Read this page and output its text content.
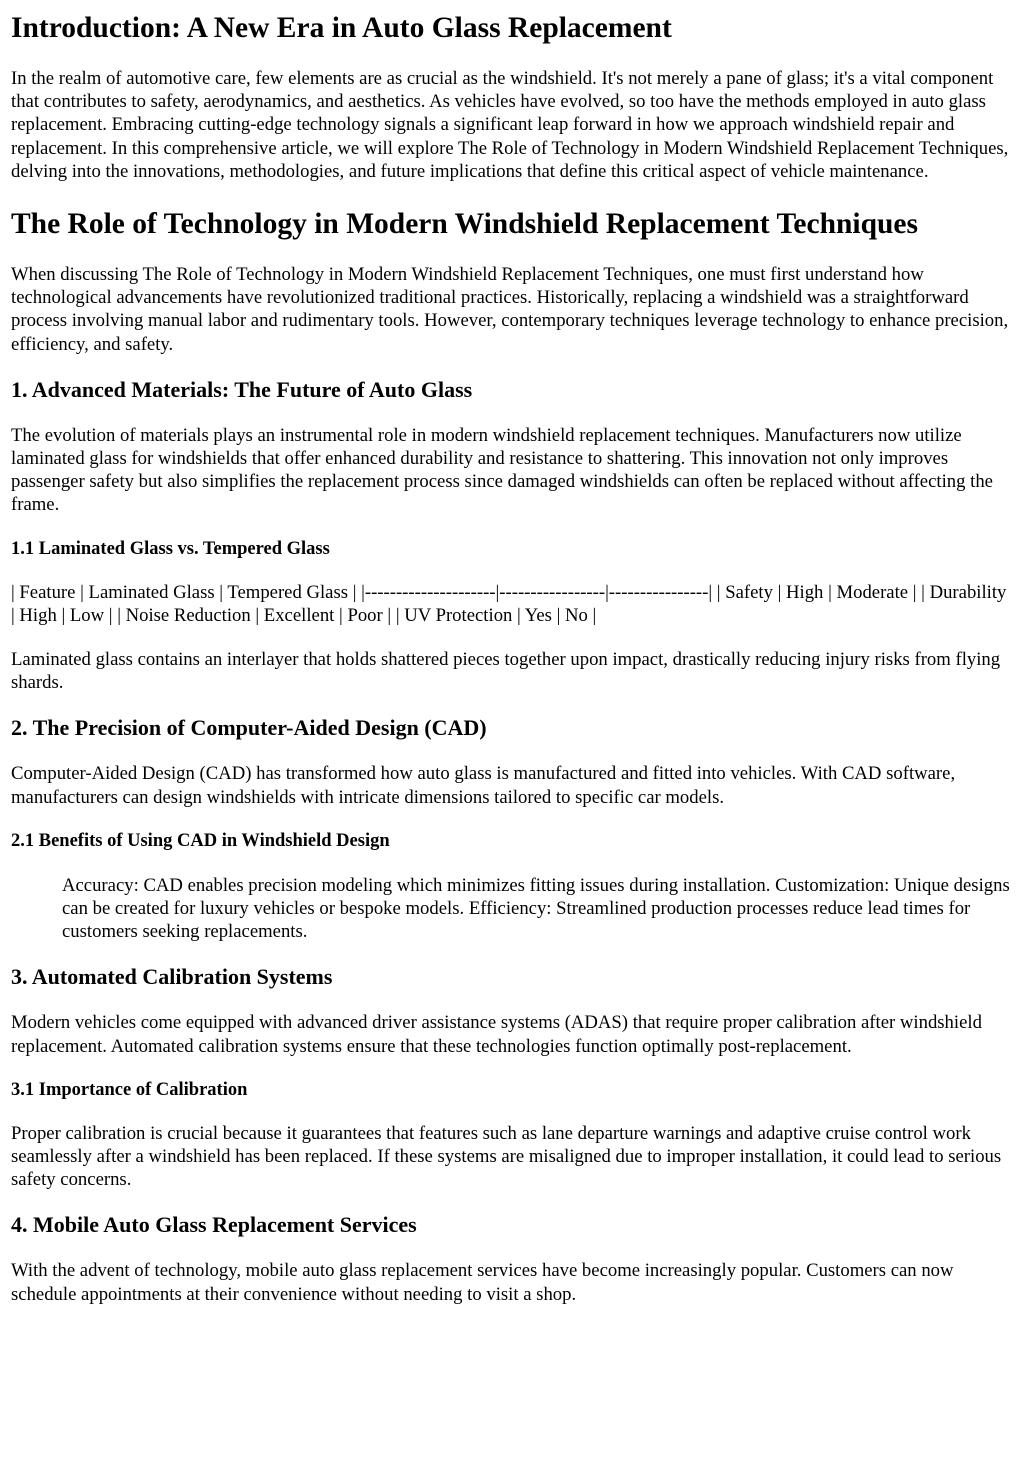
Introduction: A New Era in Auto Glass Replacement

In the realm of automotive care, few elements are as crucial as the windshield. It's not merely a pane of glass; it's a vital component that contributes to safety, aerodynamics, and aesthetics. As vehicles have evolved, so too have the methods employed in auto glass replacement. Embracing cutting-edge technology signals a significant leap forward in how we approach windshield repair and replacement. In this comprehensive article, we will explore The Role of Technology in Modern Windshield Replacement Techniques, delving into the innovations, methodologies, and future implications that define this critical aspect of vehicle maintenance.

The Role of Technology in Modern Windshield Replacement Techniques

When discussing The Role of Technology in Modern Windshield Replacement Techniques, one must first understand how technological advancements have revolutionized traditional practices. Historically, replacing a windshield was a straightforward process involving manual labor and rudimentary tools. However, contemporary techniques leverage technology to enhance precision, efficiency, and safety.

1. Advanced Materials: The Future of Auto Glass

The evolution of materials plays an instrumental role in modern windshield replacement techniques. Manufacturers now utilize laminated glass for windshields that offer enhanced durability and resistance to shattering. This innovation not only improves passenger safety but also simplifies the replacement process since damaged windshields can often be replaced without affecting the frame.

1.1 Laminated Glass vs. Tempered Glass

| Feature | Laminated Glass | Tempered Glass | |---------------------|-----------------|----------------| | Safety | High | Moderate | | Durability | High | Low | | Noise Reduction | Excellent | Poor | | UV Protection | Yes | No |

Laminated glass contains an interlayer that holds shattered pieces together upon impact, drastically reducing injury risks from flying shards.

2. The Precision of Computer-Aided Design (CAD)

Computer-Aided Design (CAD) has transformed how auto glass is manufactured and fitted into vehicles. With CAD software, manufacturers can design windshields with intricate dimensions tailored to specific car models.

2.1 Benefits of Using CAD in Windshield Design
Accuracy: CAD enables precision modeling which minimizes fitting issues during installation. Customization: Unique designs can be created for luxury vehicles or bespoke models. Efficiency: Streamlined production processes reduce lead times for customers seeking replacements.
3. Automated Calibration Systems

Modern vehicles come equipped with advanced driver assistance systems (ADAS) that require proper calibration after windshield replacement. Automated calibration systems ensure that these technologies function optimally post-replacement.

3.1 Importance of Calibration

Proper calibration is crucial because it guarantees that features such as lane departure warnings and adaptive cruise control work seamlessly after a windshield has been replaced. If these systems are misaligned due to improper installation, it could lead to serious safety concerns.

4. Mobile Auto Glass Replacement Services

With the advent of technology, mobile auto glass replacement services have become increasingly popular. Customers can now schedule appointments at their convenience without needing to visit a shop.
